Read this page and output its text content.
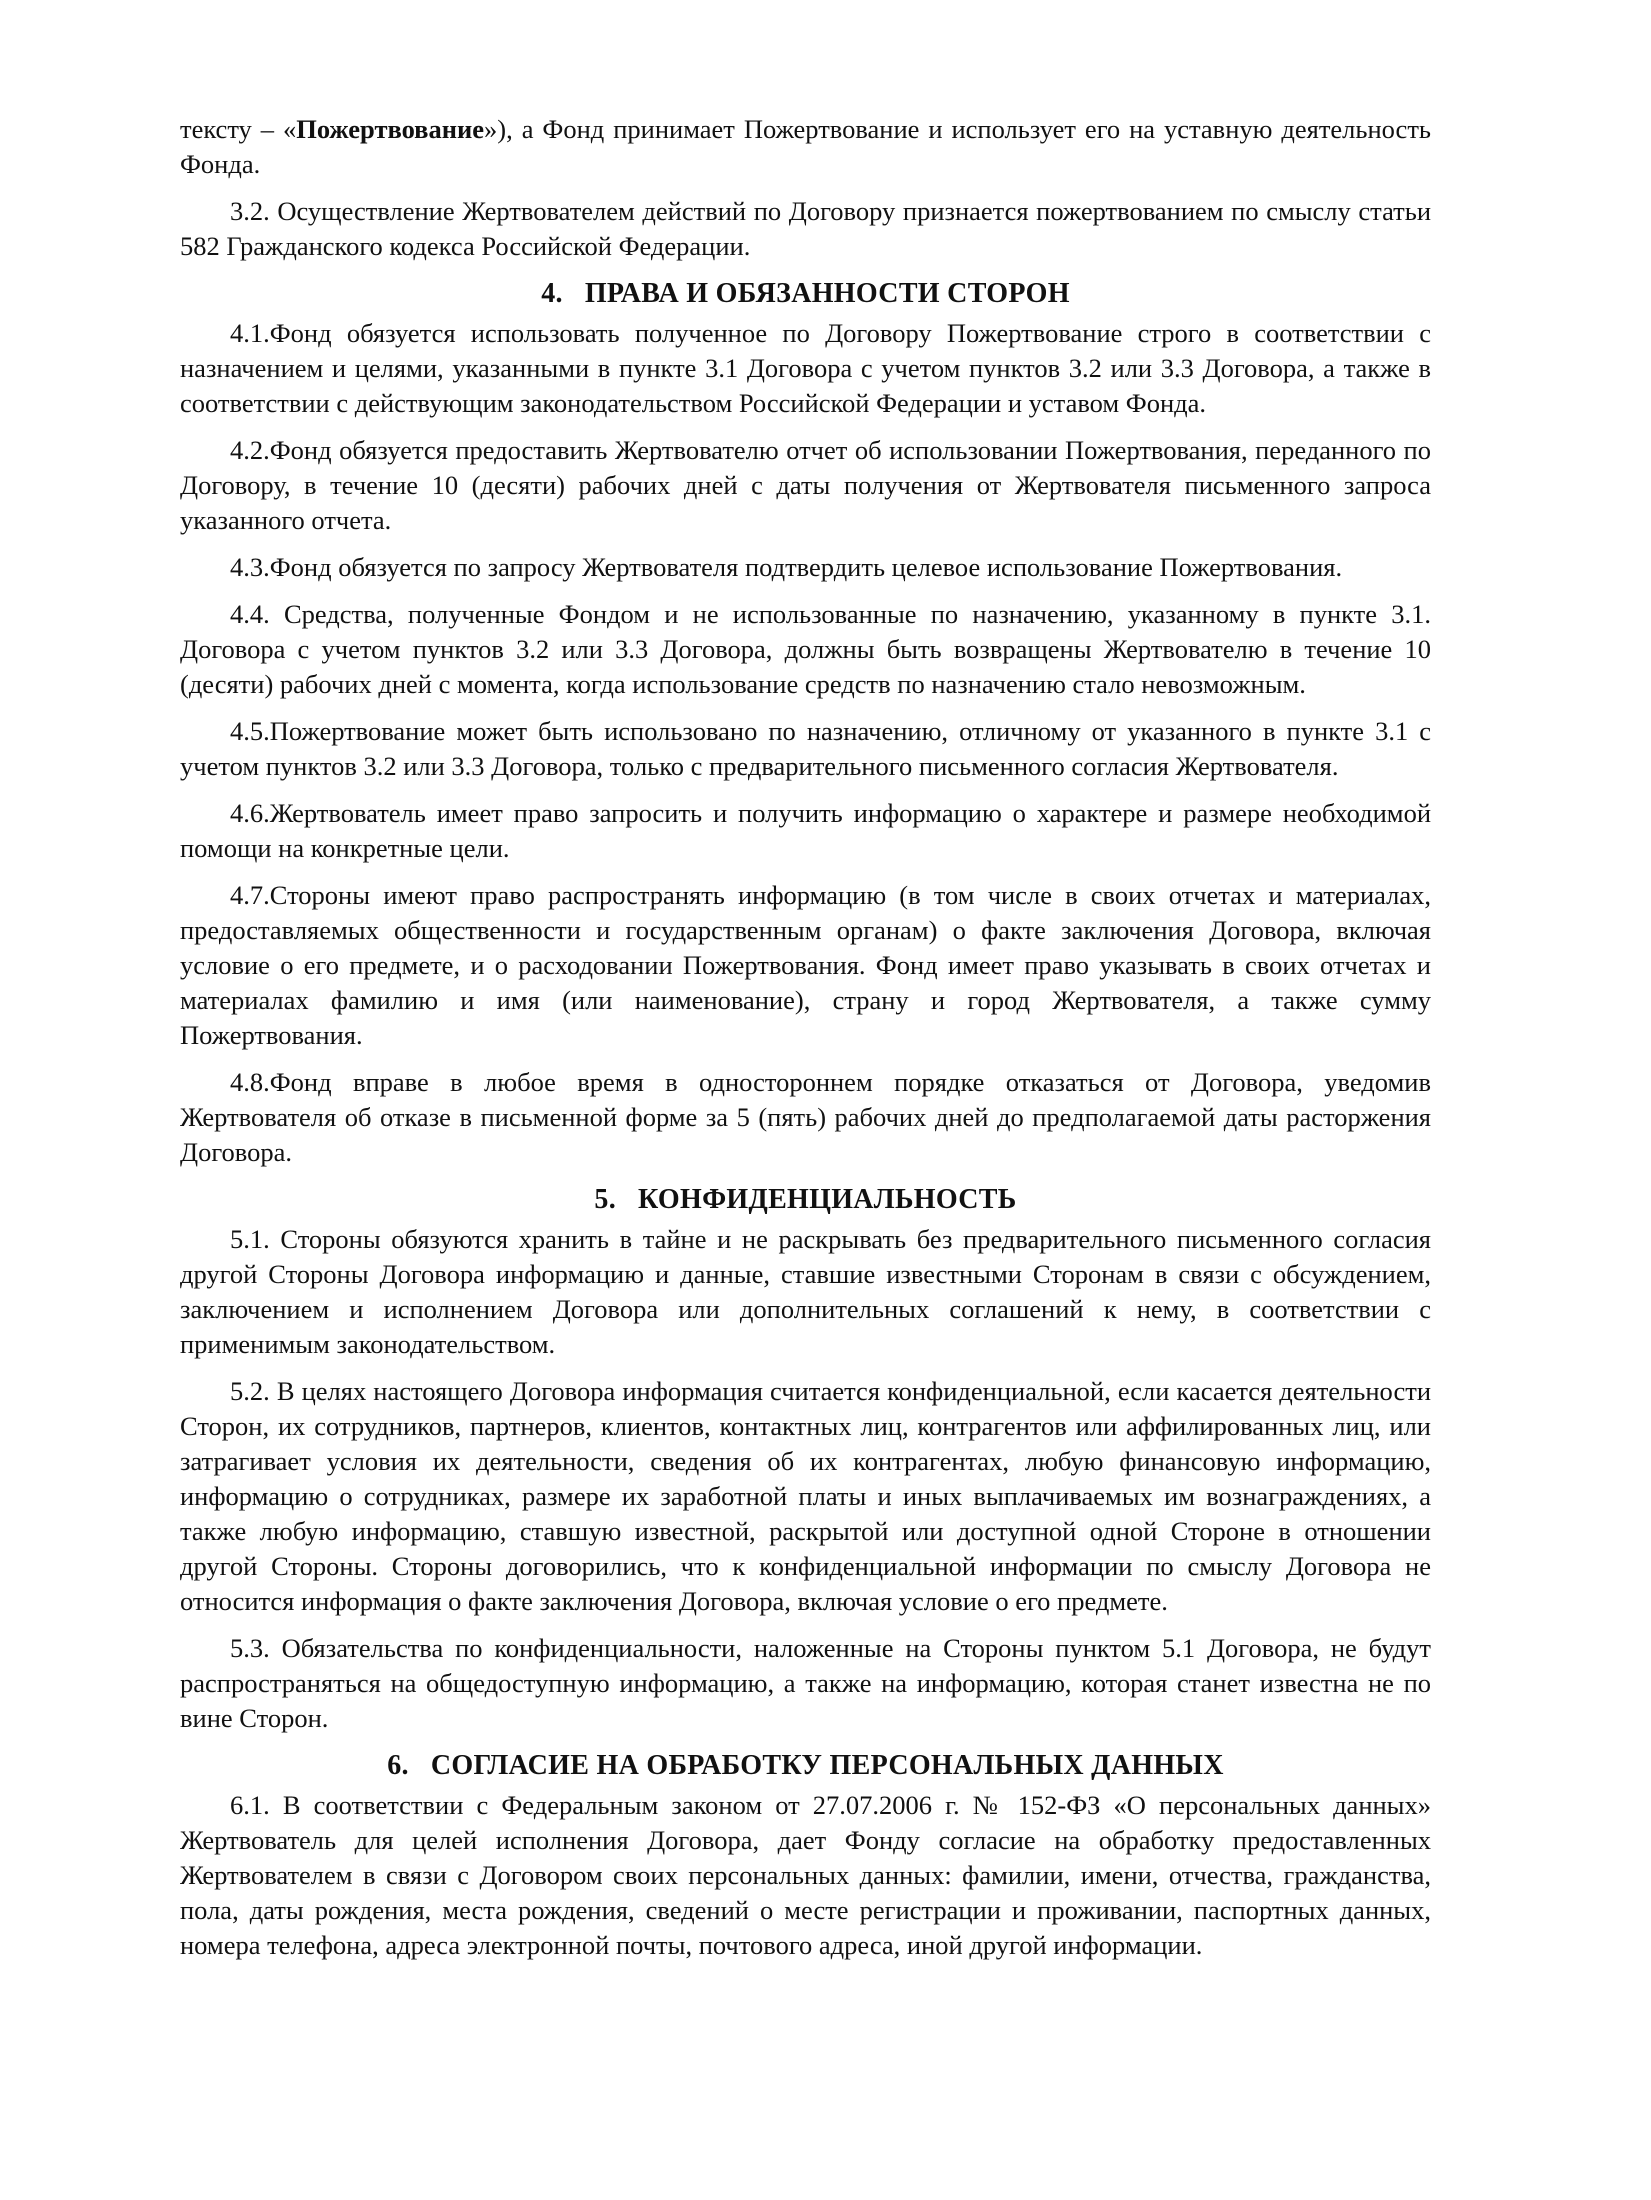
тексту – «Пожертвование»), а Фонд принимает Пожертвование и использует его на уставную деятельность Фонда.

3.2. Осуществление Жертвователем действий по Договору признается пожертвованием по смыслу статьи 582 Гражданского кодекса Российской Федерации.

4. ПРАВА И ОБЯЗАННОСТИ СТОРОН

4.1.Фонд обязуется использовать полученное по Договору Пожертвование строго в соответствии с назначением и целями, указанными в пункте 3.1 Договора с учетом пунктов 3.2 или 3.3 Договора, а также в соответствии с действующим законодательством Российской Федерации и уставом Фонда.

4.2.Фонд обязуется предоставить Жертвователю отчет об использовании Пожертвования, переданного по Договору, в течение 10 (десяти) рабочих дней с даты получения от Жертвователя письменного запроса указанного отчета.

4.3.Фонд обязуется по запросу Жертвователя подтвердить целевое использование Пожертвования.

4.4. Средства, полученные Фондом и не использованные по назначению, указанному в пункте 3.1. Договора с учетом пунктов 3.2 или 3.3 Договора, должны быть возвращены Жертвователю в течение 10 (десяти) рабочих дней с момента, когда использование средств по назначению стало невозможным.

4.5.Пожертвование может быть использовано по назначению, отличному от указанного в пункте 3.1 с учетом пунктов 3.2 или 3.3 Договора, только с предварительного письменного согласия Жертвователя.

4.6.Жертвователь имеет право запросить и получить информацию о характере и размере необходимой помощи на конкретные цели.

4.7.Стороны имеют право распространять информацию (в том числе в своих отчетах и материалах, предоставляемых общественности и государственным органам) о факте заключения Договора, включая условие о его предмете, и о расходовании Пожертвования. Фонд имеет право указывать в своих отчетах и материалах фамилию и имя (или наименование), страну и город Жертвователя, а также сумму Пожертвования.

4.8.Фонд вправе в любое время в одностороннем порядке отказаться от Договора, уведомив Жертвователя об отказе в письменной форме за 5 (пять) рабочих дней до предполагаемой даты расторжения Договора.

5. КОНФИДЕНЦИАЛЬНОСТЬ

5.1. Стороны обязуются хранить в тайне и не раскрывать без предварительного письменного согласия другой Стороны Договора информацию и данные, ставшие известными Сторонам в связи с обсуждением, заключением и исполнением Договора или дополнительных соглашений к нему, в соответствии с применимым законодательством.

5.2. В целях настоящего Договора информация считается конфиденциальной, если касается деятельности Сторон, их сотрудников, партнеров, клиентов, контактных лиц, контрагентов или аффилированных лиц, или затрагивает условия их деятельности, сведения об их контрагентах, любую финансовую информацию, информацию о сотрудниках, размере их заработной платы и иных выплачиваемых им вознаграждениях, а также любую информацию, ставшую известной, раскрытой или доступной одной Стороне в отношении другой Стороны. Стороны договорились, что к конфиденциальной информации по смыслу Договора не относится информация о факте заключения Договора, включая условие о его предмете.

5.3. Обязательства по конфиденциальности, наложенные на Стороны пунктом 5.1 Договора, не будут распространяться на общедоступную информацию, а также на информацию, которая станет известна не по вине Сторон.

6. СОГЛАСИЕ НА ОБРАБОТКУ ПЕРСОНАЛЬНЫХ ДАННЫХ

6.1. В соответствии с Федеральным законом от 27.07.2006 г. № 152-ФЗ «О персональных данных» Жертвователь для целей исполнения Договора, дает Фонду согласие на обработку предоставленных Жертвователем в связи с Договором своих персональных данных: фамилии, имени, отчества, гражданства, пола, даты рождения, места рождения, сведений о месте регистрации и проживании, паспортных данных, номера телефона, адреса электронной почты, почтового адреса, иной другой информации.
